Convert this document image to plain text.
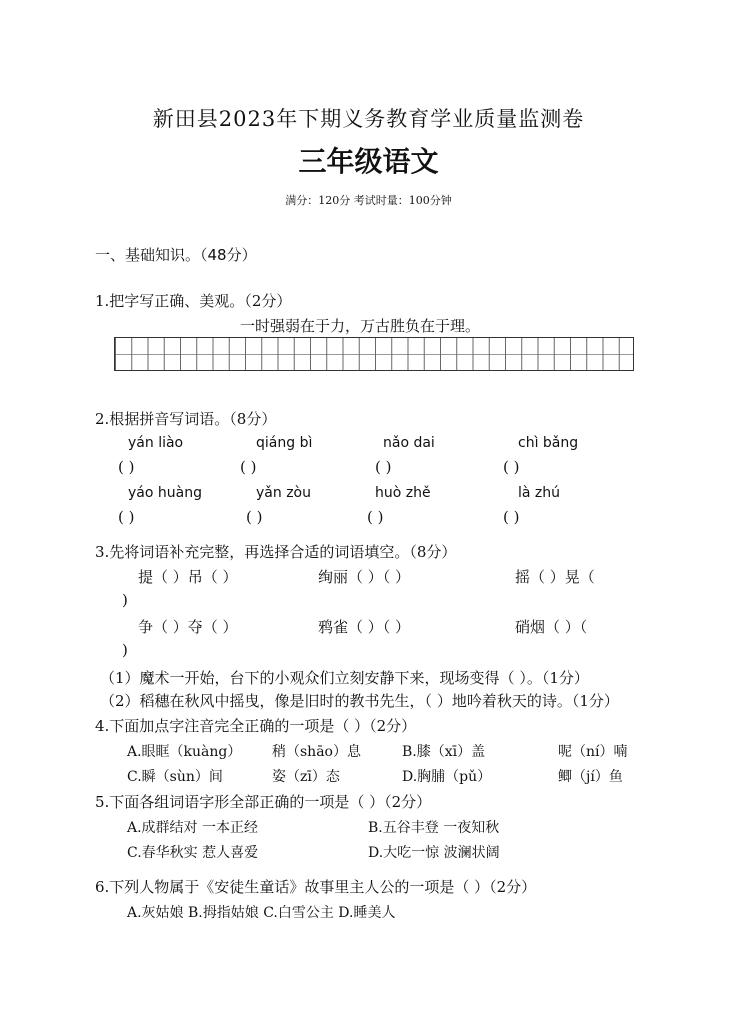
新田县2023年下期义务教育学业质量监测卷
三年级语文
满分：120分 考试时量：100分钟
一、基础知识。（48分）
1.把字写正确、美观。（2分）
一时强弱在于力，万古胜负在于理。
2.根据拼音写词语。（8分）
yán liào	qiáng bì	nǎo dai	chì bǎng
( )	( )	( )	( )
yáo huàng	yǎn zòu	huò zhě	là zhú
( )	( )	( )	( )
3.先将词语补充完整，再选择合适的词语填空。（8分）
提（ ）吊（ ）	绚丽（ ）（ ）	摇（ ）晃（
)
争（ ）夺（ ）	鸦雀（ ）（ ）	硝烟（ ）（
)
（1）魔术一开始，台下的小观众们立刻安静下来，现场变得（ ）。（1分）
（2）稻穗在秋风中摇曳，像是旧时的教书先生，（ ）地吟着秋天的诗。（1分）
4.下面加点字注音完全正确的一项是（ ）（2分）
A.眼眶（kuàng） 稍（shāo）息	B.膝（xī）盖	呢（ní）喃
C.瞬（sùn）间	姿（zī）态	D.胸脯（pǔ）	鲫（jí）鱼
5.下面各组词语字形全部正确的一项是（ ）（2分）
A.成群结对 一本正经	B.五谷丰登 一夜知秋
C.春华秋实 惹人喜爱	D.大吃一惊 波澜状阔
6.下列人物属于《安徒生童话》故事里主人公的一项是（ ）（2分）
A.灰姑娘 B.拇指姑娘 C.白雪公主 D.睡美人
